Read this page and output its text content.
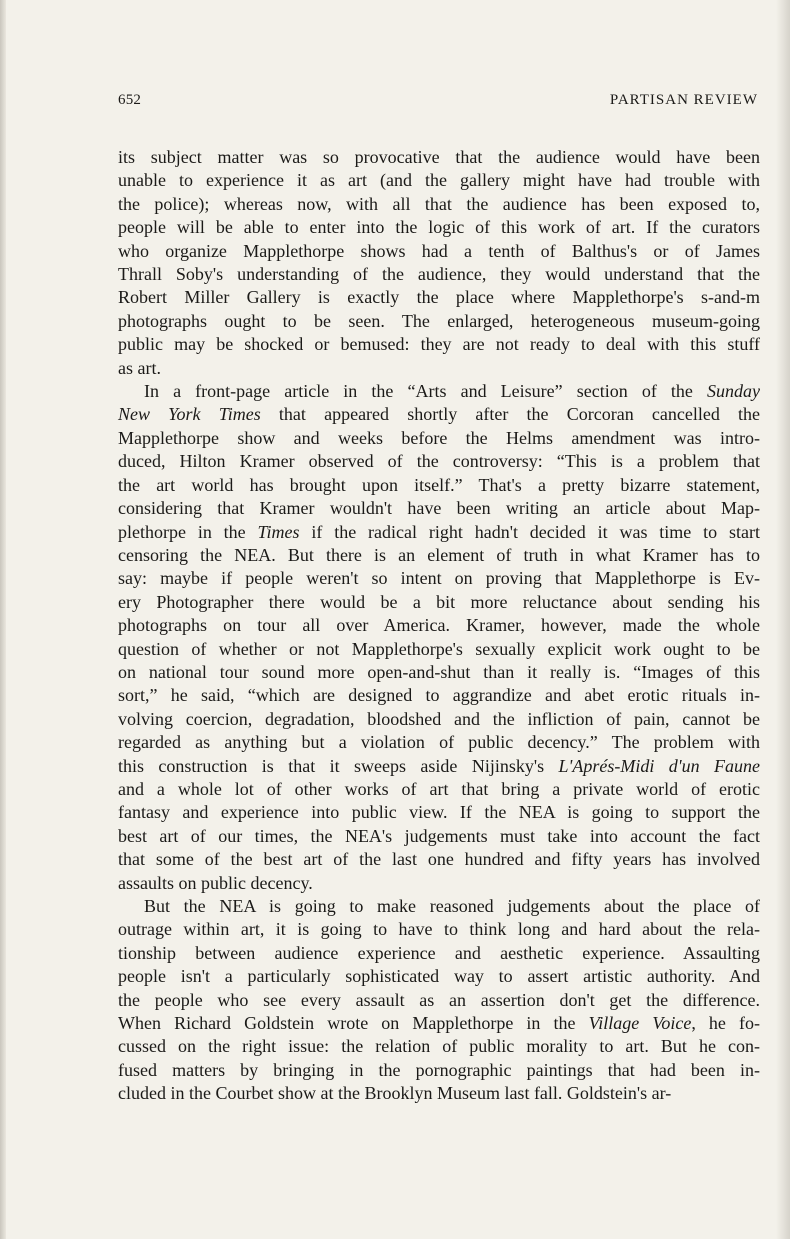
652	PARTISAN REVIEW
its subject matter was so provocative that the audience would have been
unable to experience it as art (and the gallery might have had trouble with
the police); whereas now, with all that the audience has been exposed to,
people will be able to enter into the logic of this work of art. If the curators
who organize Mapplethorpe shows had a tenth of Balthus's or of James
Thrall Soby's understanding of the audience, they would understand that the
Robert Miller Gallery is exactly the place where Mapplethorpe's s-and-m
photographs ought to be seen. The enlarged, heterogeneous museum-going
public may be shocked or bemused: they are not ready to deal with this stuff
as art.
In a front-page article in the “Arts and Leisure” section of the Sunday
New York Times that appeared shortly after the Corcoran cancelled the
Mapplethorpe show and weeks before the Helms amendment was intro-
duced, Hilton Kramer observed of the controversy: “This is a problem that
the art world has brought upon itself.” That's a pretty bizarre statement,
considering that Kramer wouldn't have been writing an article about Map-
plethorpe in the Times if the radical right hadn't decided it was time to start
censoring the NEA. But there is an element of truth in what Kramer has to
say: maybe if people weren't so intent on proving that Mapplethorpe is Ev-
ery Photographer there would be a bit more reluctance about sending his
photographs on tour all over America. Kramer, however, made the whole
question of whether or not Mapplethorpe's sexually explicit work ought to be
on national tour sound more open-and-shut than it really is. “Images of this
sort,” he said, “which are designed to aggrandize and abet erotic rituals in-
volving coercion, degradation, bloodshed and the infliction of pain, cannot be
regarded as anything but a violation of public decency.” The problem with
this construction is that it sweeps aside Nijinsky's L'Aprés-Midi d'un Faune
and a whole lot of other works of art that bring a private world of erotic
fantasy and experience into public view. If the NEA is going to support the
best art of our times, the NEA's judgements must take into account the fact
that some of the best art of the last one hundred and fifty years has involved
assaults on public decency.
But the NEA is going to make reasoned judgements about the place of
outrage within art, it is going to have to think long and hard about the rela-
tionship between audience experience and aesthetic experience. Assaulting
people isn't a particularly sophisticated way to assert artistic authority. And
the people who see every assault as an assertion don't get the difference.
When Richard Goldstein wrote on Mapplethorpe in the Village Voice, he fo-
cussed on the right issue: the relation of public morality to art. But he con-
fused matters by bringing in the pornographic paintings that had been in-
cluded in the Courbet show at the Brooklyn Museum last fall. Goldstein's ar-
